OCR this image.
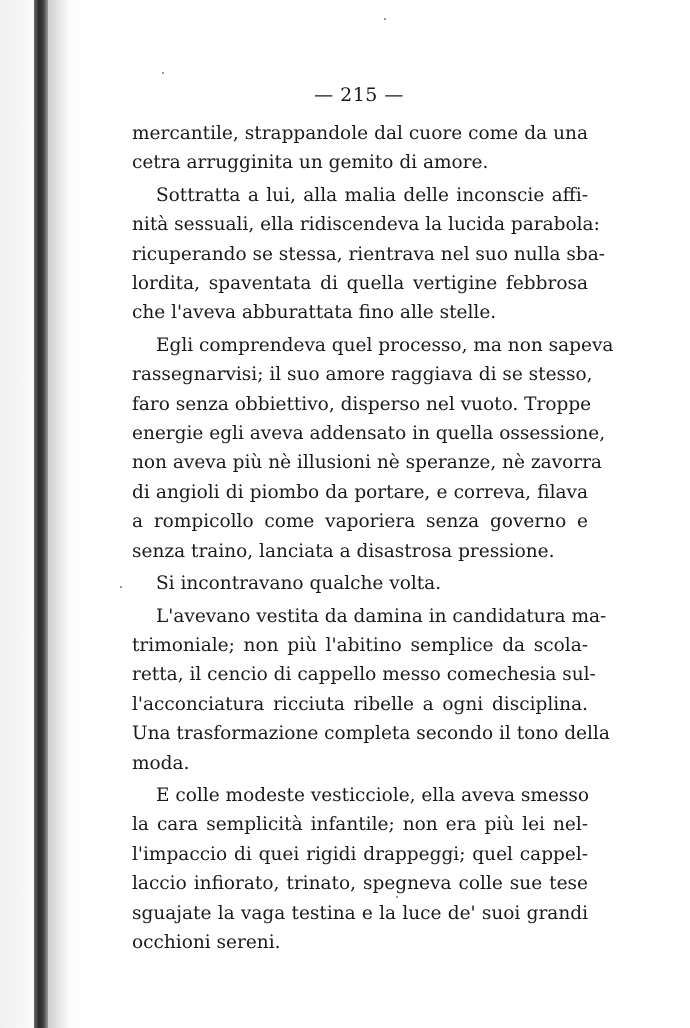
— 215 —
mercantile, strappandole dal cuore come da una
cetra arrugginita un gemito di amore.
Sottratta a lui, alla malia delle inconscie affi-
nità sessuali, ella ridiscendeva la lucida parabola:
ricuperando se stessa, rientrava nel suo nulla sba-
lordita, spaventata di quella vertigine febbrosa
che l'aveva abburattata fino alle stelle.
Egli comprendeva quel processo, ma non sapeva
rassegnarvisi; il suo amore raggiava di se stesso,
faro senza obbiettivo, disperso nel vuoto. Troppe
energie egli aveva addensato in quella ossessione,
non aveva più nè illusioni nè speranze, nè zavorra
di angioli di piombo da portare, e correva, filava
a rompicollo come vaporiera senza governo e
senza traino, lanciata a disastrosa pressione.
Si incontravano qualche volta.
L'avevano vestita da damina in candidatura ma-
trimoniale; non più l'abitino semplice da scola-
retta, il cencio di cappello messo comechesia sul-
l'acconciatura ricciuta ribelle a ogni disciplina.
Una trasformazione completa secondo il tono della
moda.
E colle modeste vesticciole, ella aveva smesso
la cara semplicità infantile; non era più lei nel-
l'impaccio di quei rigidi drappeggi; quel cappel-
laccio infiorato, trinato, spegneva colle sue tese
sguajate la vaga testina e la luce de' suoi grandi
occhioni sereni.
